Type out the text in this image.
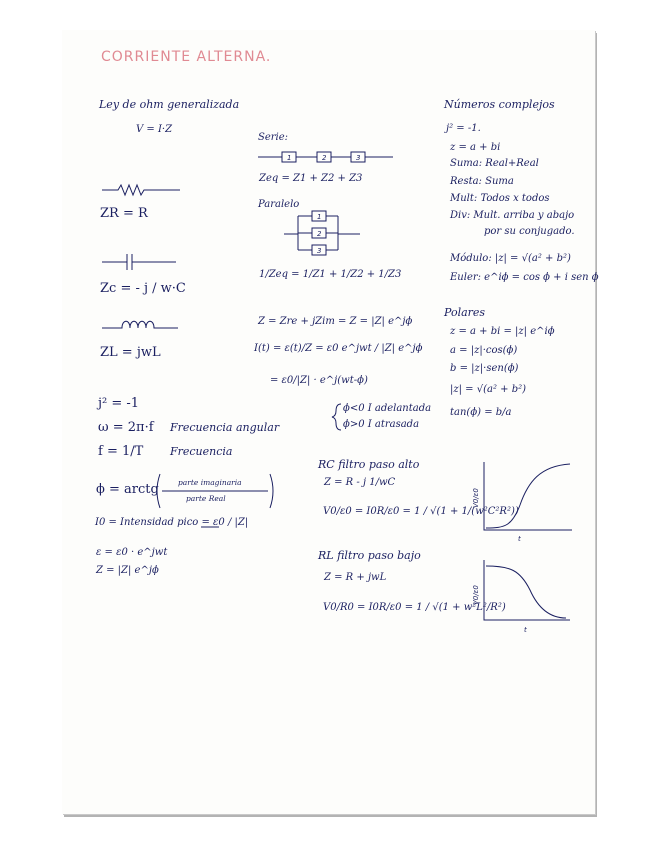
1	2	3
1
2
3
V0/ε0
t
V0/ε0
t
CORRIENTE ALTERNA.
Ley de ohm generalizada
V = I·Z
ZR = R
Zc = - j / w·C
ZL = jwL
Serie:
Zeq = Z1 + Z2 + Z3
Paralelo
1/Zeq = 1/Z1 + 1/Z2 + 1/Z3
Z = Zre + jZim = Z = |Z| e^jϕ
I(t) = ε(t)/Z = ε0 e^jwt / |Z| e^jϕ
= ε0/|Z| · e^j(wt-ϕ)
ϕ<0 I adelantada
ϕ>0 I atrasada
j² = -1
ω = 2π·f Frecuencia angular
f = 1/T Frecuencia
ϕ = arctg	parte imaginaria
parte Real
I0 = Intensidad pico = ε0 / |Z|
ε = ε0 · e^jwt
Z = |Z| e^jϕ
Números complejos
j² = -1.
z = a + bi
Suma: Real+Real
Resta: Suma
Mult: Todos x todos
Div: Mult. arriba y abajo
por su conjugado.
Módulo: |z| = √(a² + b²)
Euler: e^iϕ = cos ϕ + i sen ϕ
Polares
z = a + bi = |z| e^iϕ
a = |z|·cos(ϕ)
b = |z|·sen(ϕ)
|z| = √(a² + b²)
tan(ϕ) = b/a
RC filtro paso alto
Z = R - j 1/wC
V0/ε0 = I0R/ε0 = 1 / √(1 + 1/(w²C²R²))
RL filtro paso bajo
Z = R + jwL
V0/R0 = I0R/ε0 = 1 / √(1 + w²L²/R²)
